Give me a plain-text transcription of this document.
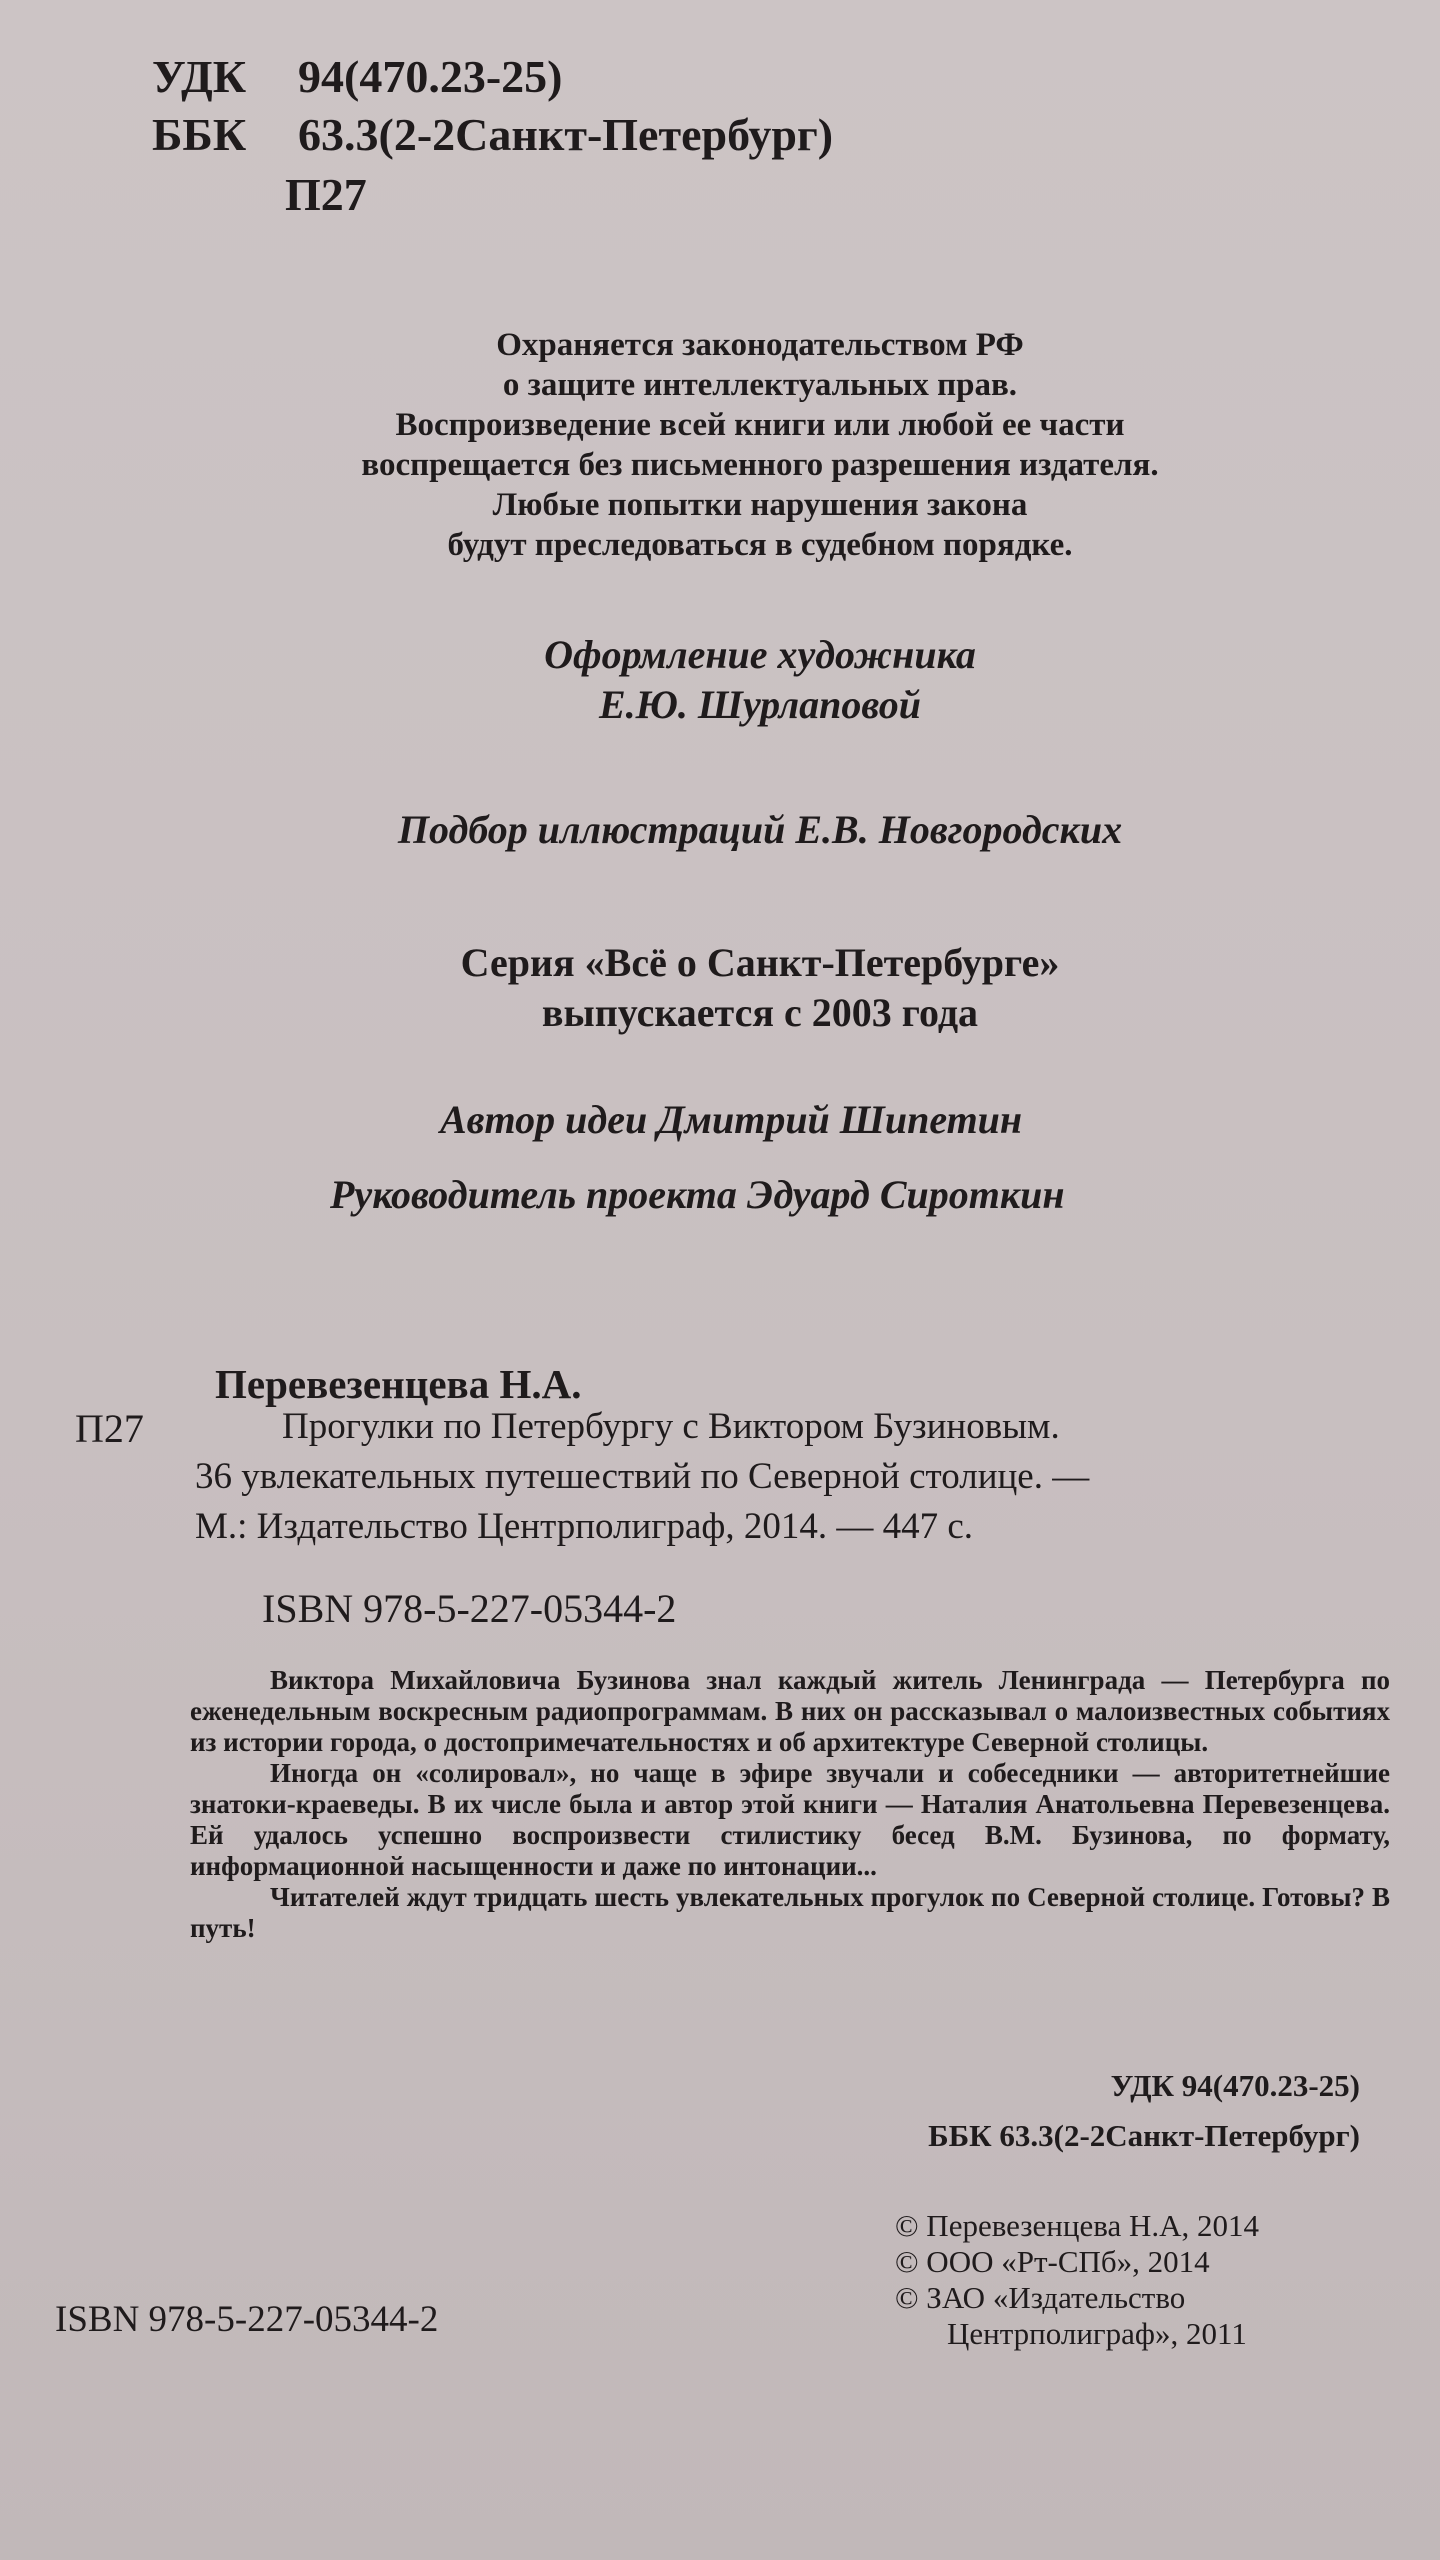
УДК 94(470.23-25)
ББК 63.3(2-2Санкт-Петербург)
П27
Охраняется законодательством РФ
о защите интеллектуальных прав.
Воспроизведение всей книги или любой ее части
воспрещается без письменного разрешения издателя.
Любые попытки нарушения закона
будут преследоваться в судебном порядке.
Оформление художника
Е.Ю. Шурлаповой
Подбор иллюстраций Е.В. Новгородских
Серия «Всё о Санкт-Петербурге»
выпускается с 2003 года
Автор идеи Дмитрий Шипетин
Руководитель проекта Эдуард Сироткин
Перевезенцева Н.А.
П27	Прогулки по Петербургу с Виктором Бузиновым.
36 увлекательных путешествий по Северной столице. —
М.: Издательство Центрполиграф, 2014. — 447 с.
ISBN 978-5-227-05344-2

Виктора Михайловича Бузинова знал каждый житель Ленинграда — Петербурга по еженедельным воскресным радиопрограммам. В них он рассказывал о малоизвестных событиях из истории города, о достопримечательностях и об архитектуре Северной столицы.

Иногда он «солировал», но чаще в эфире звучали и собеседники — авторитетнейшие знатоки-краеведы. В их числе была и автор этой книги — Наталия Анатольевна Перевезенцева. Ей удалось успешно воспроизвести стилистику бесед В.М. Бузинова, по формату, информационной насыщенности и даже по интонации...

Читателей ждут тридцать шесть увлекательных прогулок по Северной столице. Готовы? В путь!

УДК 94(470.23-25)
ББК 63.3(2-2Санкт-Петербург)
© Перевезенцева Н.А, 2014
© ООО «Рт-СПб», 2014
© ЗАО «Издательство
Центрполиграф», 2011
ISBN 978-5-227-05344-2
